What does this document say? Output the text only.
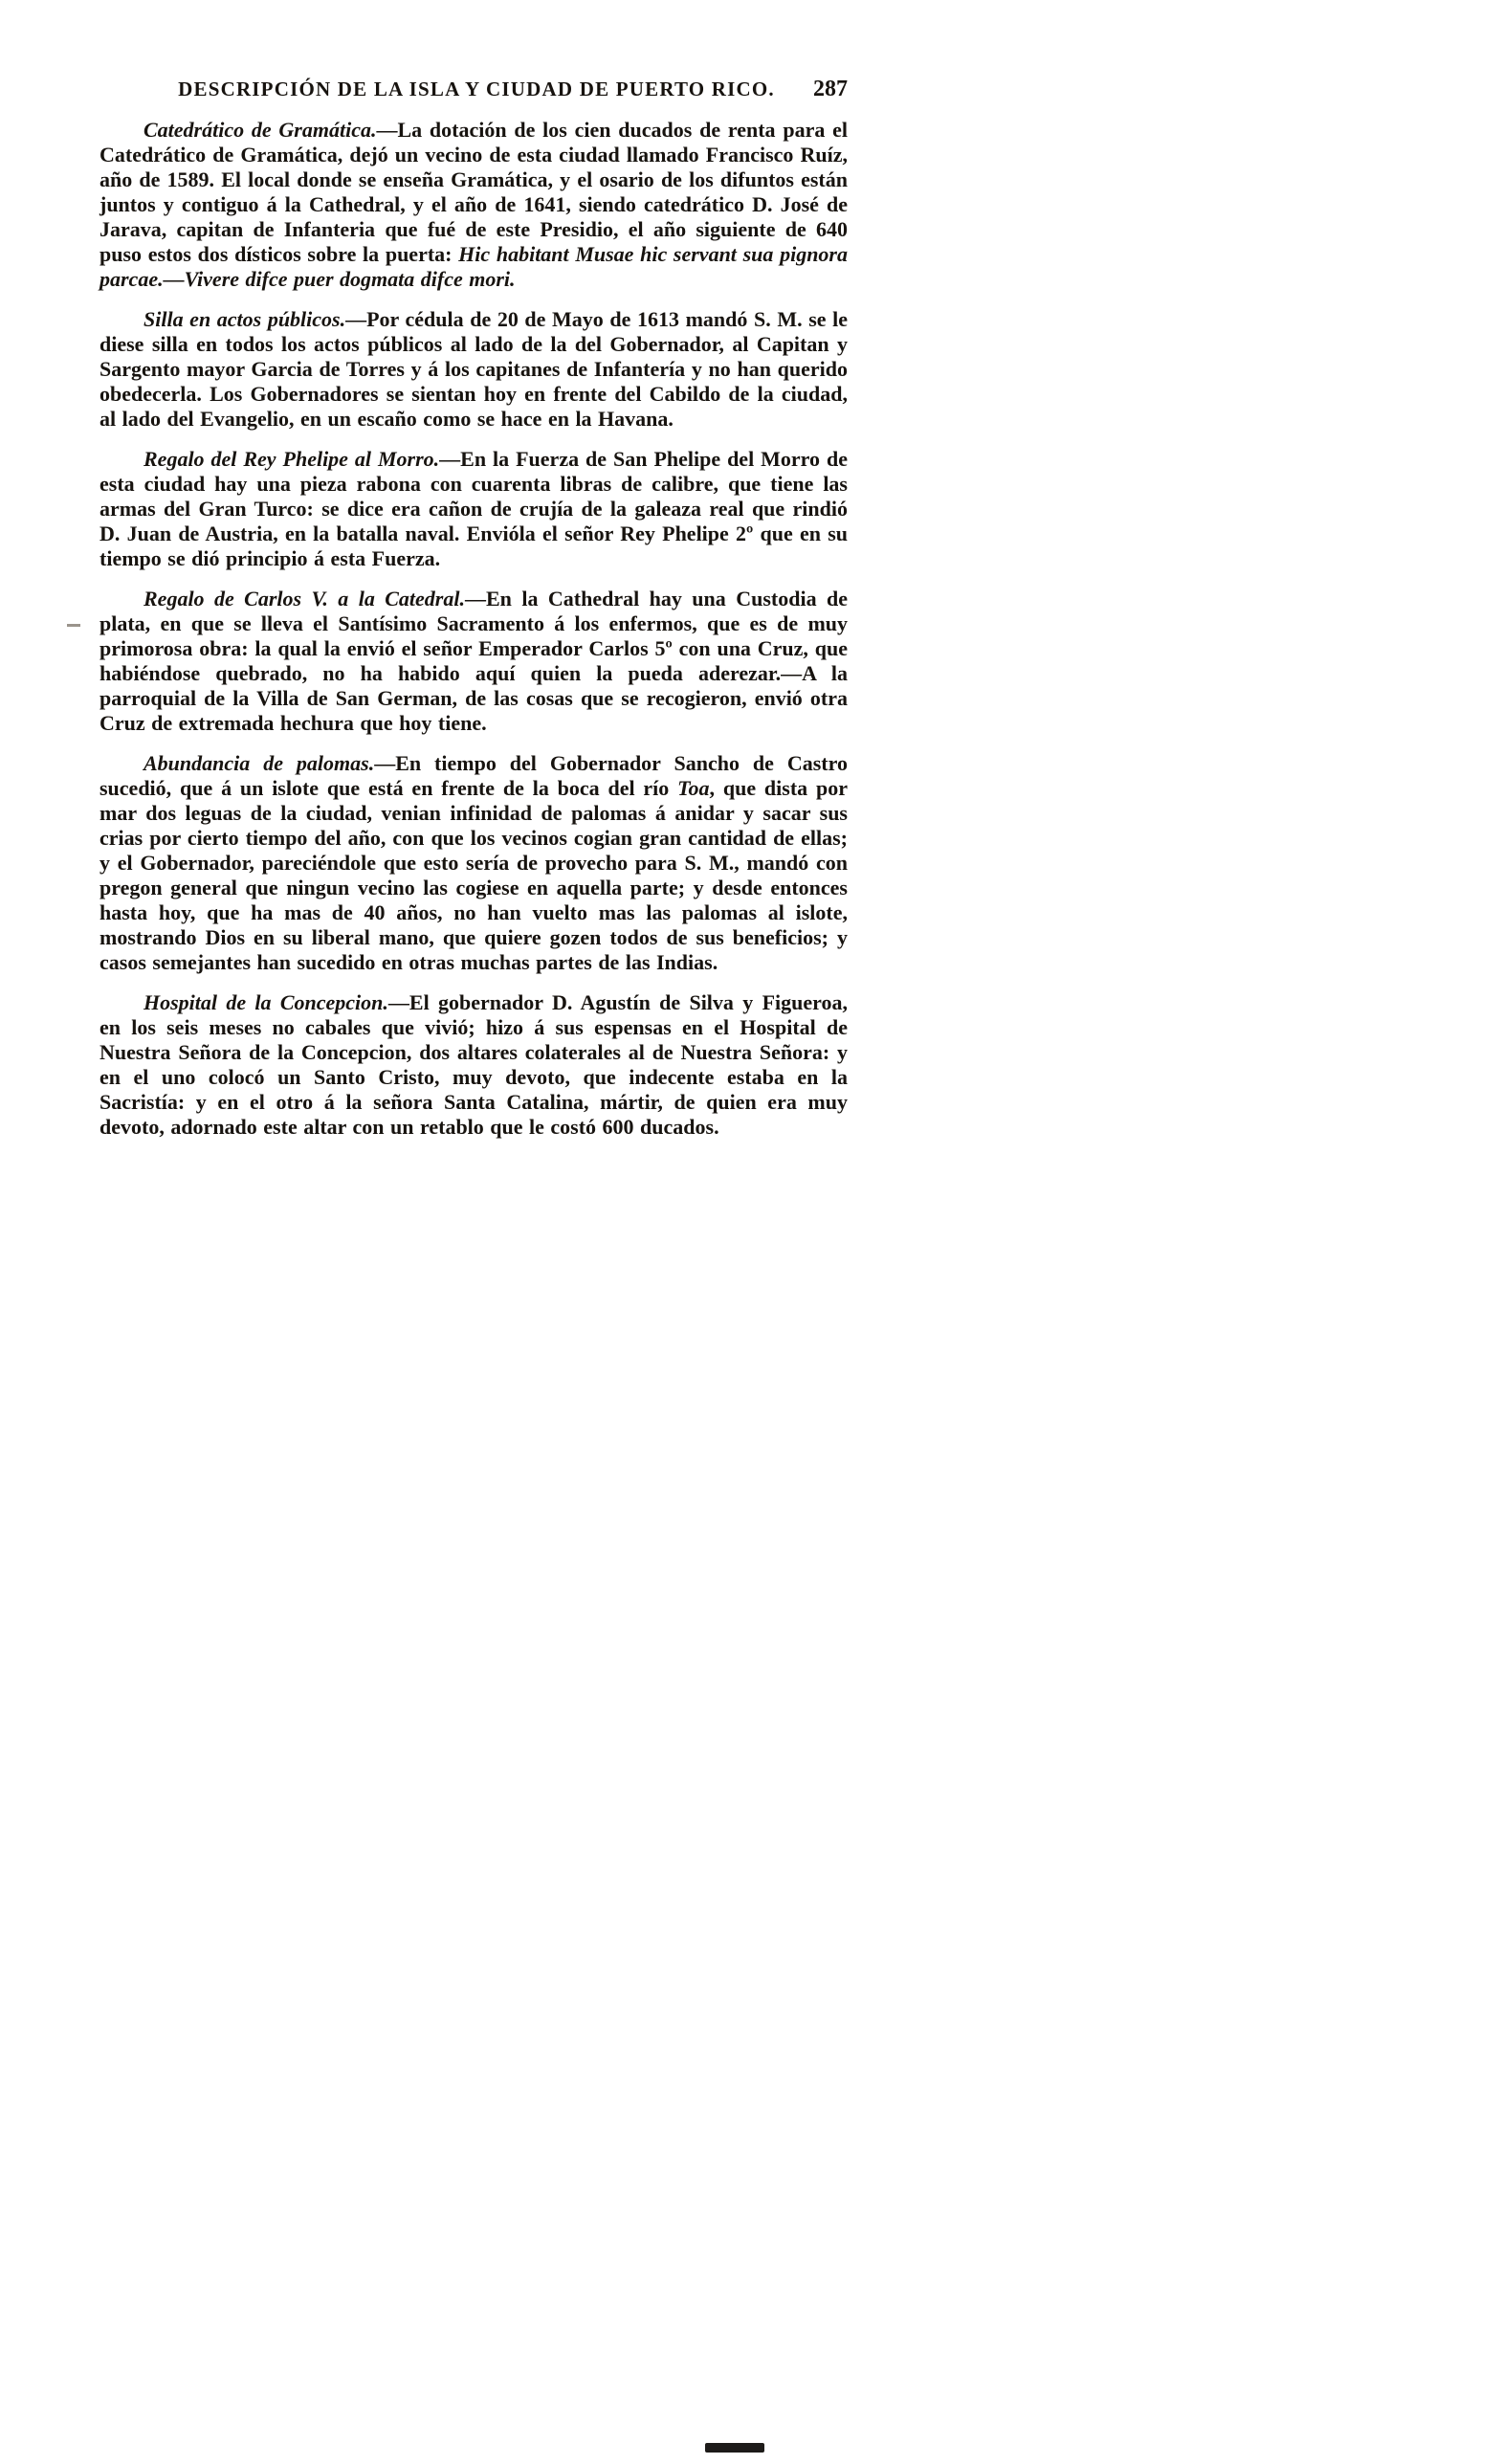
DESCRIPCIÓN DE LA ISLA Y CIUDAD DE PUERTO RICO.	287

Catedrático de Gramática.—La dotación de los cien ducados de renta para el Catedrático de Gramática, dejó un vecino de esta ciudad llamado Francisco Ruíz, año de 1589. El local donde se enseña Gramática, y el osario de los difuntos están juntos y contiguo á la Cathedral, y el año de 1641, siendo catedrático D. José de Jarava, capitan de Infanteria que fué de este Presidio, el año siguiente de 640 puso estos dos dísticos sobre la puerta: Hic habitant Musae hic servant sua pignora parcae.—Vivere difce puer dogmata difce mori.

Silla en actos públicos.—Por cédula de 20 de Mayo de 1613 mandó S. M. se le diese silla en todos los actos públicos al lado de la del Gobernador, al Capitan y Sargento mayor Garcia de Torres y á los capitanes de Infantería y no han querido obedecerla. Los Gobernadores se sientan hoy en frente del Cabildo de la ciudad, al lado del Evangelio, en un escaño como se hace en la Havana.

Regalo del Rey Phelipe al Morro.—En la Fuerza de San Phelipe del Morro de esta ciudad hay una pieza rabona con cuarenta libras de calibre, que tiene las armas del Gran Turco: se dice era cañon de crujía de la galeaza real que rindió D. Juan de Austria, en la batalla naval. Envióla el señor Rey Phelipe 2º que en su tiempo se dió principio á esta Fuerza.

Regalo de Carlos V. a la Catedral.—En la Cathedral hay una Custodia de plata, en que se lleva el Santísimo Sacramento á los enfermos, que es de muy primorosa obra: la qual la envió el señor Emperador Carlos 5º con una Cruz, que habiéndose quebrado, no ha habido aquí quien la pueda aderezar.—A la parroquial de la Villa de San German, de las cosas que se recogieron, envió otra Cruz de extremada hechura que hoy tiene.

Abundancia de palomas.—En tiempo del Gobernador Sancho de Castro sucedió, que á un islote que está en frente de la boca del río Toa, que dista por mar dos leguas de la ciudad, venian infinidad de palomas á anidar y sacar sus crias por cierto tiempo del año, con que los vecinos cogian gran cantidad de ellas; y el Gobernador, pareciéndole que esto sería de provecho para S. M., mandó con pregon general que ningun vecino las cogiese en aquella parte; y desde entonces hasta hoy, que ha mas de 40 años, no han vuelto mas las palomas al islote, mostrando Dios en su liberal mano, que quiere gozen todos de sus beneficios; y casos semejantes han sucedido en otras muchas partes de las Indias.

Hospital de la Concepcion.—El gobernador D. Agustín de Silva y Figueroa, en los seis meses no cabales que vivió; hizo á sus espensas en el Hospital de Nuestra Señora de la Concepcion, dos altares colaterales al de Nuestra Señora: y en el uno colocó un Santo Cristo, muy devoto, que indecente estaba en la Sacristía: y en el otro á la señora Santa Catalina, mártir, de quien era muy devoto, adornado este altar con un retablo que le costó 600 ducados.
